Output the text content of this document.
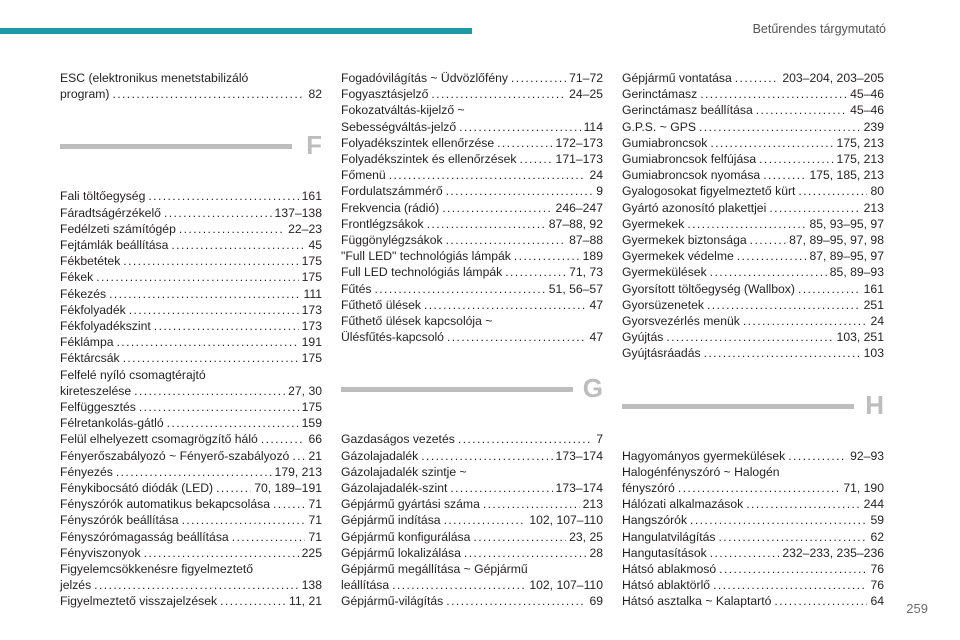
Betűrendes tárgymutató
ESC (elektronikus menetstabilizáló
program) .....	82
F
Fali töltőegység .....	161
Fáradtságérzékelő .....	137–138
Fedélzeti számítógép .....	22–23
Fejtámlák beállítása .....	45
Fékbetétek .....	175
Fékek .....	175
Fékezés .....	111
Fékfolyadék .....	173
Fékfolyadékszint .....	173
Féklámpa .....	191
Féktárcsák .....	175
Felfelé nyíló csomagtérajtó
kireteszelése .....	27, 30
Felfüggesztés .....	175
Félretankolás-gátló .....	159
Felül elhelyezett csomagrögzítő háló .....	66
Fényerőszabályozó ~ Fényerő-szabályozó ..... 21
Fényezés .....	179, 213
Fénykibocsátó diódák (LED) .....	70, 189–191
Fényszórók automatikus bekapcsolása .....	71
Fényszórók beállítása .....	71
Fényszórómagasság beállítása .....	71
Fényviszonyok .....	225
Figyelemcsökkenésre figyelmeztető
jelzés .....	138
Figyelmeztető visszajelzések .....	11, 21
Fogadóvilágítás ~ Üdvözlőfény .....	71–72
Fogyasztásjelző .....	24–25
Fokozatváltás-kijelző ~
Sebességváltás-jelző .....	114
Folyadékszintek ellenőrzése .....	172–173
Folyadékszintek és ellenőrzések .....	171–173
Főmenü .....	24
Fordulatszámmérő .....	9
Frekvencia (rádió) .....	246–247
Frontlégzsákok .....	87–88, 92
Függönylégzsákok .....	87–88
"Full LED" technológiás lámpák .....	189
Full LED technológiás lámpák .....	71, 73
Fűtés .....	51, 56–57
Fűthető ülések .....	47
Fűthető ülések kapcsolója ~
Ülésfűtés-kapcsoló .....	47
G
Gazdaságos vezetés .....	7
Gázolajadalék .....	173–174
Gázolajadalék szintje ~
Gázolajadalék-szint .....	173–174
Gépjármű gyártási száma .....	213
Gépjármű indítása .....	102, 107–110
Gépjármű konfigurálása .....	23, 25
Gépjármű lokalizálása .....	28
Gépjármű megállítása ~ Gépjármű
leállítása .....	102, 107–110
Gépjármű-világítás .....	69
Gépjármű vontatása .....	203–204, 203–205
Gerinctámasz .....	45–46
Gerinctámasz beállítása .....	45–46
G.P.S. ~ GPS .....	239
Gumiabroncsok .....	175, 213
Gumiabroncsok felfújása .....	175, 213
Gumiabroncsok nyomása .....	175, 185, 213
Gyalogosokat figyelmeztető kürt .....	80
Gyártó azonosító plakettjei .....	213
Gyermekek .....	85, 93–95, 97
Gyermekek biztonsága .....	87, 89–95, 97, 98
Gyermekek védelme .....	87, 89–95, 97
Gyermekülések .....	85, 89–93
Gyorsított töltőegység (Wallbox) .....	161
Gyorsüzenetek .....	251
Gyorsvezérlés menük .....	24
Gyújtás .....	103, 251
Gyújtásráadás .....	103
H
Hagyományos gyermekülések .....	92–93
Halogénfényszóró ~ Halogén
fényszóró .....	71, 190
Hálózati alkalmazások .....	244
Hangszórók .....	59
Hangulatvilágítás .....	62
Hangutasítások .....	232–233, 235–236
Hátsó ablakmosó .....	76
Hátsó ablaktörlő .....	76
Hátsó asztalka ~ Kalaptartó .....	64 259
